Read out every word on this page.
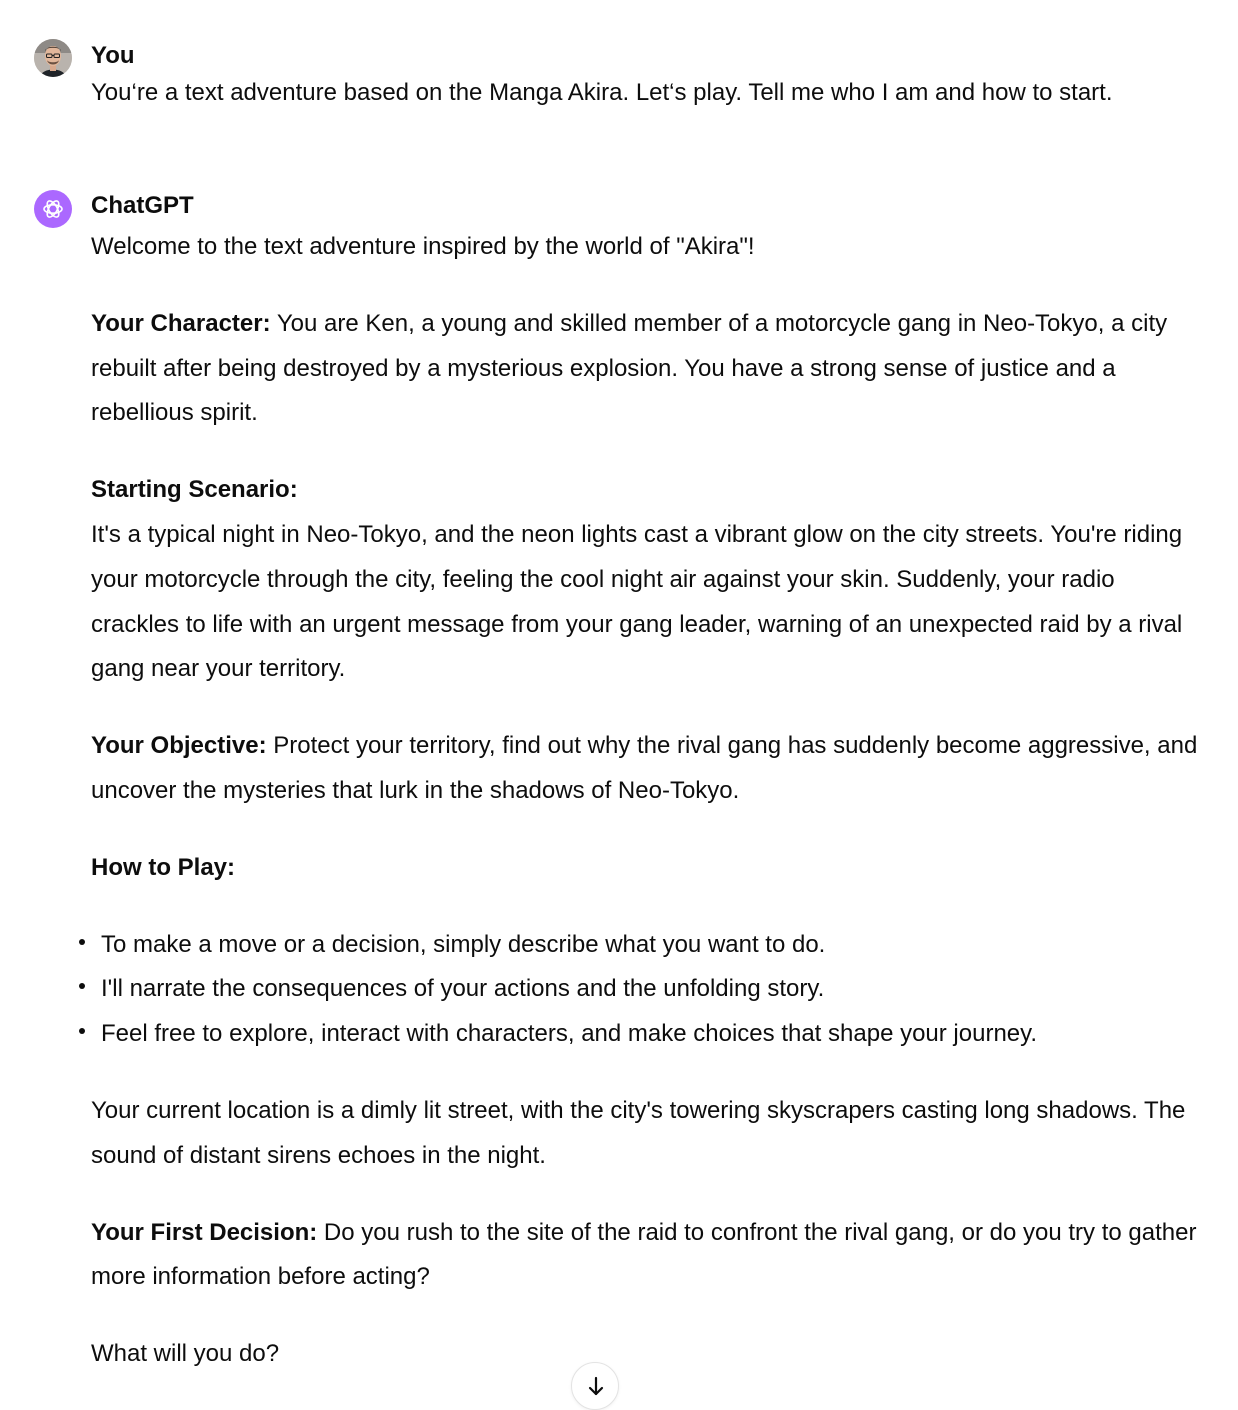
You

You‘re a text adventure based on the Manga Akira. Let‘s play. Tell me who I am and how to start.

ChatGPT

Welcome to the text adventure inspired by the world of "Akira"!

Your Character: You are Ken, a young and skilled member of a motorcycle gang in Neo-Tokyo, a city rebuilt after being destroyed by a mysterious explosion. You have a strong sense of justice and a rebellious spirit.

Starting Scenario:

It's a typical night in Neo-Tokyo, and the neon lights cast a vibrant glow on the city streets. You're riding your motorcycle through the city, feeling the cool night air against your skin. Suddenly, your radio crackles to life with an urgent message from your gang leader, warning of an unexpected raid by a rival gang near your territory.

Your Objective: Protect your territory, find out why the rival gang has suddenly become aggressive, and uncover the mysteries that lurk in the shadows of Neo-Tokyo.

How to Play:

To make a move or a decision, simply describe what you want to do.
I'll narrate the consequences of your actions and the unfolding story.
Feel free to explore, interact with characters, and make choices that shape your journey.

Your current location is a dimly lit street, with the city's towering skyscrapers casting long shadows. The sound of distant sirens echoes in the night.

Your First Decision: Do you rush to the site of the raid to confront the rival gang, or do you try to gather more information before acting?

What will you do?
